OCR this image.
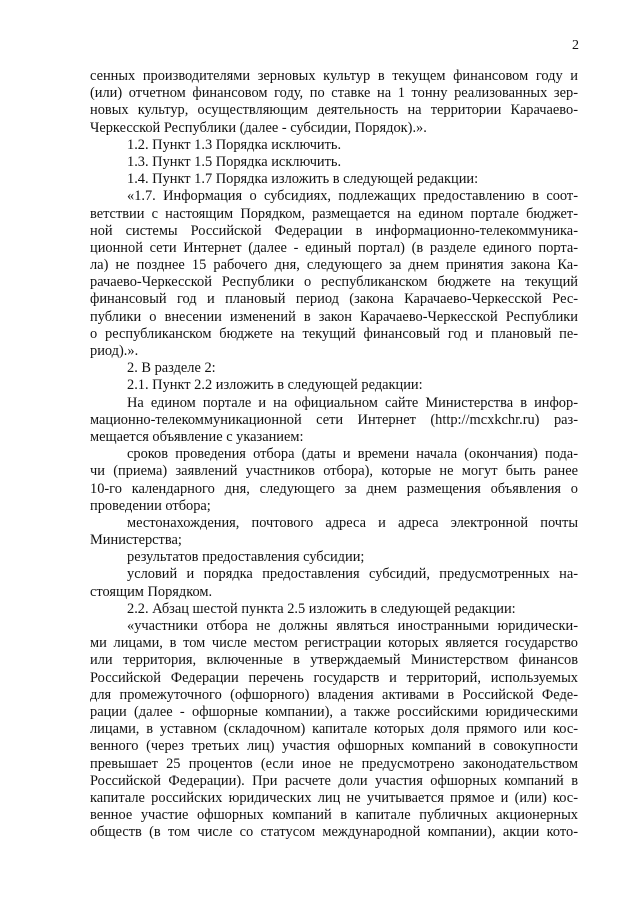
2
сенных производителями зерновых культур в текущем финансовом году и
(или) отчетном финансовом году, по ставке на 1 тонну реализованных зер-
новых культур, осуществляющим деятельность на территории Карачаево-
Черкесской Республики (далее - субсидии, Порядок).».
1.2. Пункт 1.3 Порядка исключить.
1.3. Пункт 1.5 Порядка исключить.
1.4. Пункт 1.7 Порядка изложить в следующей редакции:
«1.7. Информация о субсидиях, подлежащих предоставлению в соот-
ветствии с настоящим Порядком, размещается на едином портале бюджет-
ной системы Российской Федерации в информационно-телекоммуника-
ционной сети Интернет (далее - единый портал) (в разделе единого порта-
ла) не позднее 15 рабочего дня, следующего за днем принятия закона Ка-
рачаево-Черкесской Республики о республиканском бюджете на текущий
финансовый год и плановый период (закона Карачаево-Черкесской Рес-
публики о внесении изменений в закон Карачаево-Черкесской Республики
о республиканском бюджете на текущий финансовый год и плановый пе-
риод).».
2. В разделе 2:
2.1. Пункт 2.2 изложить в следующей редакции:
На едином портале и на официальном сайте Министерства в инфор-
мационно-телекоммуникационной сети Интернет (http://mcxkchr.ru) раз-
мещается объявление с указанием:
сроков проведения отбора (даты и времени начала (окончания) пода-
чи (приема) заявлений участников отбора), которые не могут быть ранее
10-го календарного дня, следующего за днем размещения объявления о
проведении отбора;
местонахождения, почтового адреса и адреса электронной почты
Министерства;
результатов предоставления субсидии;
условий и порядка предоставления субсидий, предусмотренных на-
стоящим Порядком.
2.2. Абзац шестой пункта 2.5 изложить в следующей редакции:
«участники отбора не должны являться иностранными юридически-
ми лицами, в том числе местом регистрации которых является государство
или территория, включенные в утверждаемый Министерством финансов
Российской Федерации перечень государств и территорий, используемых
для промежуточного (офшорного) владения активами в Российской Феде-
рации (далее - офшорные компании), а также российскими юридическими
лицами, в уставном (складочном) капитале которых доля прямого или кос-
венного (через третьих лиц) участия офшорных компаний в совокупности
превышает 25 процентов (если иное не предусмотрено законодательством
Российской Федерации). При расчете доли участия офшорных компаний в
капитале российских юридических лиц не учитывается прямое и (или) кос-
венное участие офшорных компаний в капитале публичных акционерных
обществ (в том числе со статусом международной компании), акции кото-
